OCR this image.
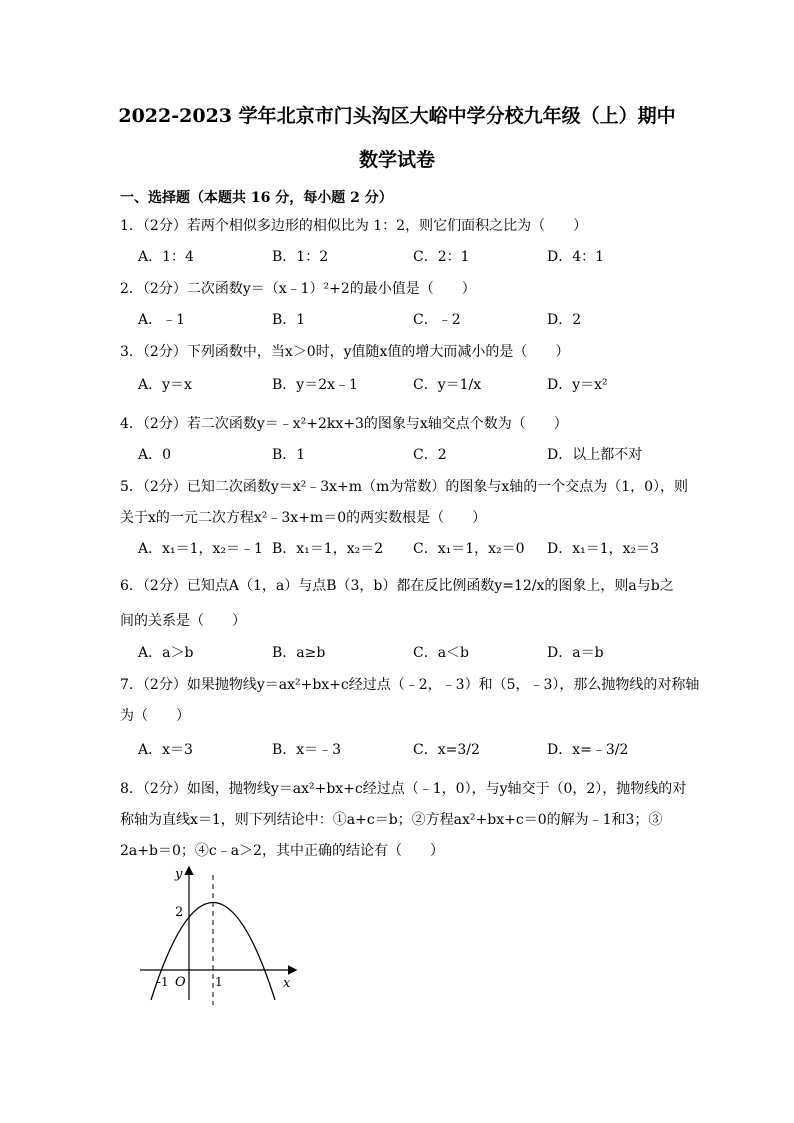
2022-2023 学年北京市门头沟区大峪中学分校九年级（上）期中
数学试卷
一、选择题（本题共 16 分，每小题 2 分）
1．（2分）若两个相似多边形的相似比为 1：2，则它们面积之比为（　　）
A．1：4	B．1：2	C．2：1	D．4：1
2．（2分）二次函数y＝（x﹣1）²+2的最小值是（　　）
A．﹣1	B．1	C．﹣2	D．2
3．（2分）下列函数中，当x＞0时，y值随x值的增大而减小的是（　　）
A．y＝x	B．y＝2x﹣1	C．y＝1/x	D．y＝x²
4．（2分）若二次函数y＝﹣x²+2kx+3的图象与x轴交点个数为（　　）
A．0	B．1	C．2	D．以上都不对
5．（2分）已知二次函数y＝x²﹣3x+m（m为常数）的图象与x轴的一个交点为（1，0），则
关于x的一元二次方程x²﹣3x+m＝0的两实数根是（　　）
A．x₁＝1，x₂＝﹣1 B．x₁＝1，x₂＝2 C．x₁＝1，x₂＝0 D．x₁＝1，x₂＝3
6．（2分）已知点A（1，a）与点B（3，b）都在反比例函数y=12/x的图象上，则a与b之
间的关系是（　　）
A．a＞b	B．a≥b	C．a＜b	D．a＝b
7．（2分）如果抛物线y＝ax²+bx+c经过点（﹣2，﹣3）和（5，﹣3），那么抛物线的对称轴
为（　　）
A．x＝3	B．x＝﹣3	C．x=3/2	D．x=﹣3/2
8．（2分）如图，抛物线y＝ax²+bx+c经过点（﹣1，0），与y轴交于（0，2），抛物线的对
称轴为直线x＝1，则下列结论中：①a+c＝b；②方程ax²+bx+c＝0的解为﹣1和3；③
2a+b＝0；④c﹣a＞2，其中正确的结论有（　　）
y
x
O
-1	1
2
